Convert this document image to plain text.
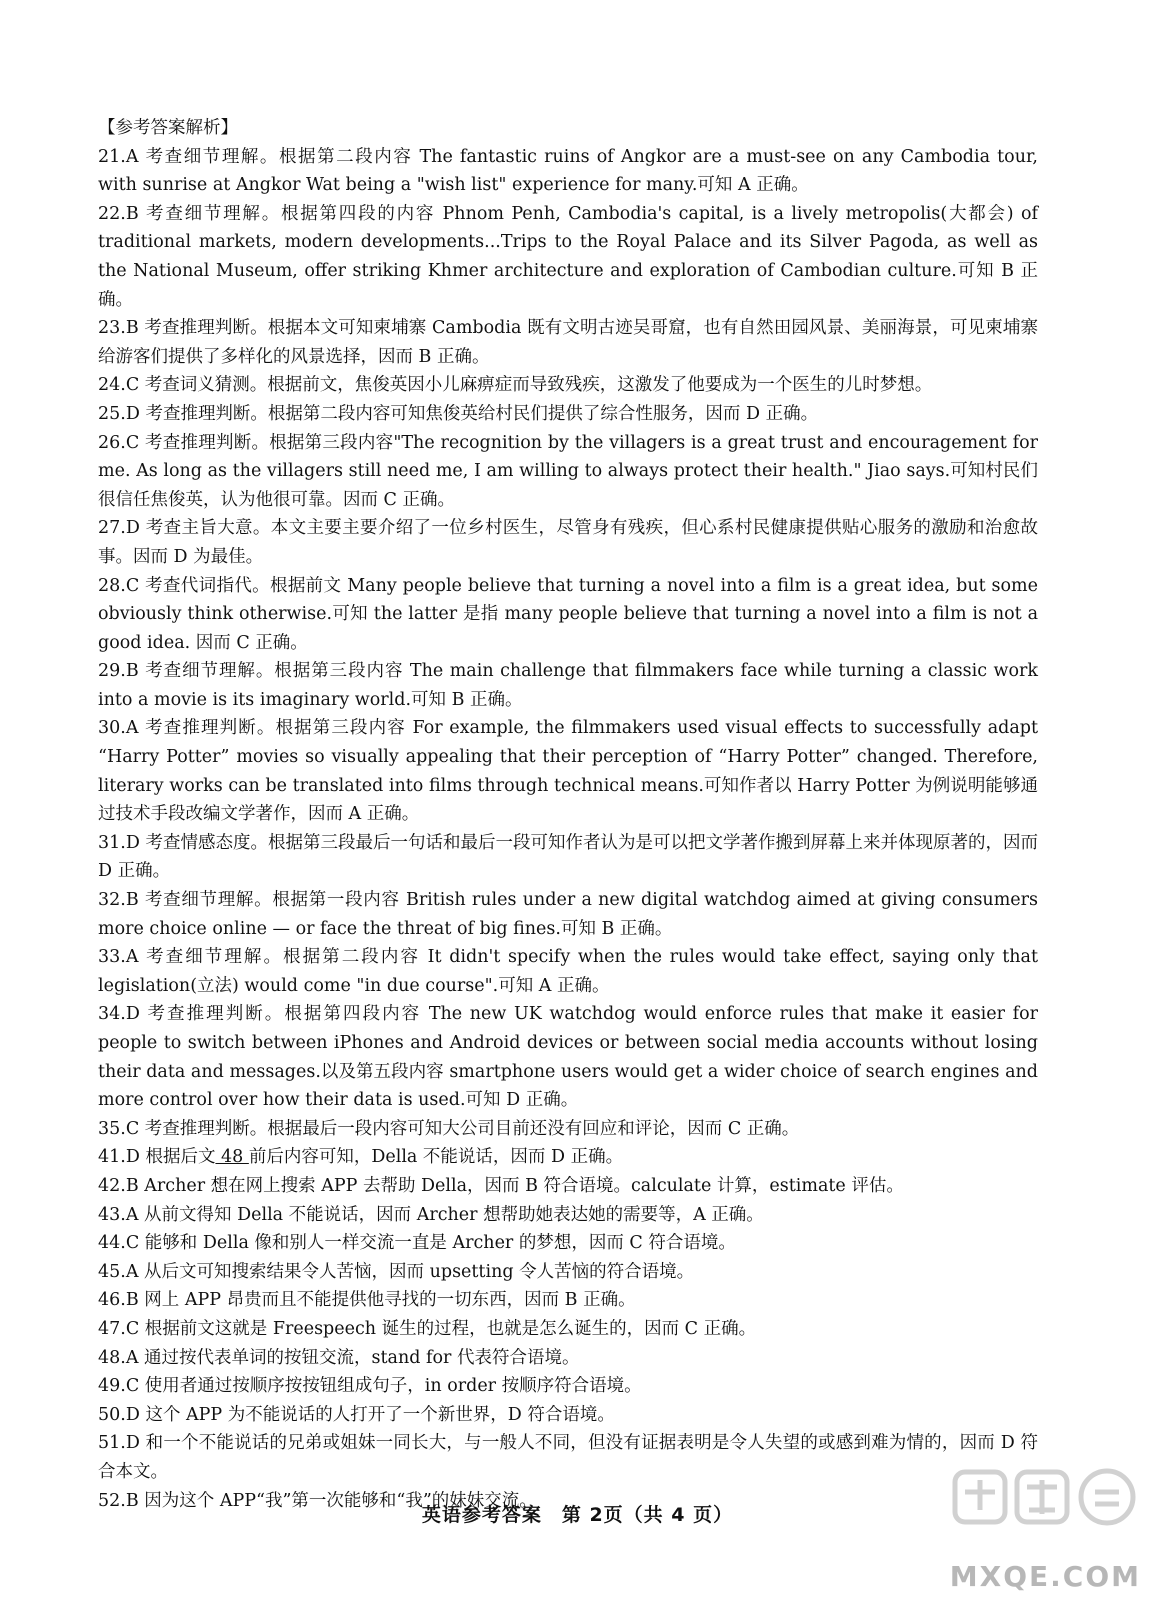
【参考答案解析】
21.A 考查细节理解。根据第二段内容 The fantastic ruins of Angkor are a must-see on any Cambodia tour, with sunrise at Angkor Wat being a "wish list" experience for many.可知 A 正确。
22.B 考查细节理解。根据第四段的内容 Phnom Penh, Cambodia's capital, is a lively metropolis(大都会) of traditional markets, modern developments...Trips to the Royal Palace and its Silver Pagoda, as well as the National Museum, offer striking Khmer architecture and exploration of Cambodian culture.可知 B 正确。
23.B 考查推理判断。根据本文可知柬埔寨 Cambodia 既有文明古迹吴哥窟，也有自然田园风景、美丽海景，可见柬埔寨给游客们提供了多样化的风景选择，因而 B 正确。
24.C 考查词义猜测。根据前文，焦俊英因小儿麻痹症而导致残疾，这激发了他要成为一个医生的儿时梦想。
25.D 考查推理判断。根据第二段内容可知焦俊英给村民们提供了综合性服务，因而 D 正确。
26.C 考查推理判断。根据第三段内容"The recognition by the villagers is a great trust and encouragement for me. As long as the villagers still need me, I am willing to always protect their health." Jiao says.可知村民们很信任焦俊英，认为他很可靠。因而 C 正确。
27.D 考查主旨大意。本文主要主要介绍了一位乡村医生，尽管身有残疾，但心系村民健康提供贴心服务的激励和治愈故事。因而 D 为最佳。
28.C 考查代词指代。根据前文 Many people believe that turning a novel into a film is a great idea, but some obviously think otherwise.可知 the latter 是指 many people believe that turning a novel into a film is not a good idea. 因而 C 正确。
29.B 考查细节理解。根据第三段内容 The main challenge that filmmakers face while turning a classic work into a movie is its imaginary world.可知 B 正确。
30.A 考查推理判断。根据第三段内容 For example, the filmmakers used visual effects to successfully adapt “Harry Potter” movies so visually appealing that their perception of “Harry Potter” changed. Therefore, literary works can be translated into films through technical means.可知作者以 Harry Potter 为例说明能够通过技术手段改编文学著作，因而 A 正确。
31.D 考查情感态度。根据第三段最后一句话和最后一段可知作者认为是可以把文学著作搬到屏幕上来并体现原著的，因而 D 正确。
32.B 考查细节理解。根据第一段内容 British rules under a new digital watchdog aimed at giving consumers more choice online — or face the threat of big fines.可知 B 正确。
33.A 考查细节理解。根据第二段内容 It didn't specify when the rules would take effect, saying only that legislation(立法) would come "in due course".可知 A 正确。
34.D 考查推理判断。根据第四段内容 The new UK watchdog would enforce rules that make it easier for people to switch between iPhones and Android devices or between social media accounts without losing their data and messages.以及第五段内容 smartphone users would get a wider choice of search engines and more control over how their data is used.可知 D 正确。
35.C 考查推理判断。根据最后一段内容可知大公司目前还没有回应和评论，因而 C 正确。
41.D 根据后文 48 前后内容可知，Della 不能说话，因而 D 正确。
42.B Archer 想在网上搜索 APP 去帮助 Della，因而 B 符合语境。calculate 计算，estimate 评估。
43.A 从前文得知 Della 不能说话，因而 Archer 想帮助她表达她的需要等，A 正确。
44.C 能够和 Della 像和别人一样交流一直是 Archer 的梦想，因而 C 符合语境。
45.A 从后文可知搜索结果令人苦恼，因而 upsetting 令人苦恼的符合语境。
46.B 网上 APP 昂贵而且不能提供他寻找的一切东西，因而 B 正确。
47.C 根据前文这就是 Freespeech 诞生的过程，也就是怎么诞生的，因而 C 正确。
48.A 通过按代表单词的按钮交流，stand for 代表符合语境。
49.C 使用者通过按顺序按按钮组成句子，in order 按顺序符合语境。
50.D 这个 APP 为不能说话的人打开了一个新世界，D 符合语境。
51.D 和一个不能说话的兄弟或姐妹一同长大，与一般人不同，但没有证据表明是令人失望的或感到难为情的，因而 D 符合本文。
52.B 因为这个 APP“我”第一次能够和“我”的妹妹交流。
英语参考答案　第 2页（共 4 页）
MXQE.COM
